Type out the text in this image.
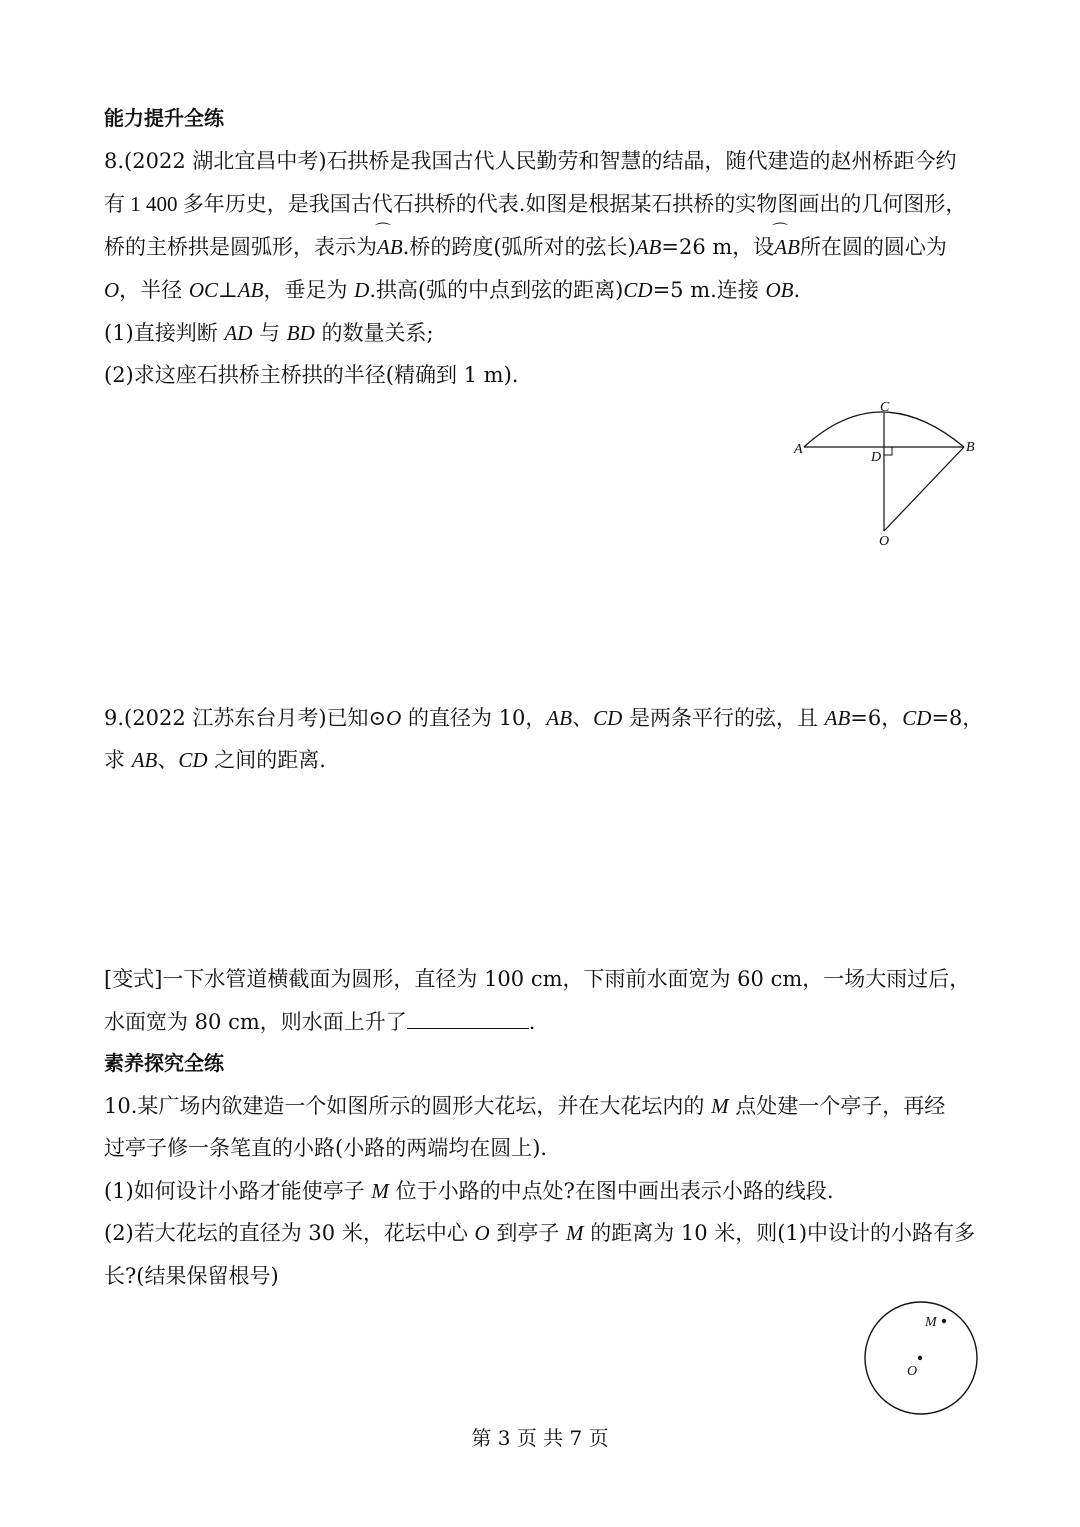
能力提升全练
8.(2022 湖北宜昌中考)石拱桥是我国古代人民勤劳和智慧的结晶，随代建造的赵州桥距今约
有 1 400 多年历史，是我国古代石拱桥的代表.如图是根据某石拱桥的实物图画出的几何图形，
桥的主桥拱是圆弧形，表示为⌒ AB.桥的跨度(弧所对的弦长)AB=26 m，设⌒ AB所在圆的圆心为
O，半径 OC⊥AB，垂足为 D.拱高(弧的中点到弦的距离)CD=5 m.连接 OB.
(1)直接判断 AD 与 BD 的数量关系;
(2)求这座石拱桥主桥拱的半径(精确到 1 m).
A	B
C
D
O
9.(2022 江苏东台月考)已知⊙O 的直径为 10，AB、CD 是两条平行的弦，且 AB=6，CD=8，
求 AB、CD 之间的距离.
[变式]一下水管道横截面为圆形，直径为 100 cm，下雨前水面宽为 60 cm，一场大雨过后，
水面宽为 80 cm，则水面上升了	.
素养探究全练
10.某广场内欲建造一个如图所示的圆形大花坛，并在大花坛内的 M 点处建一个亭子，再经
过亭子修一条笔直的小路(小路的两端均在圆上).
(1)如何设计小路才能使亭子 M 位于小路的中点处?在图中画出表示小路的线段.
(2)若大花坛的直径为 30 米，花坛中心 O 到亭子 M 的距离为 10 米，则(1)中设计的小路有多
长?(结果保留根号)
M
O
第 3 页 共 7 页
